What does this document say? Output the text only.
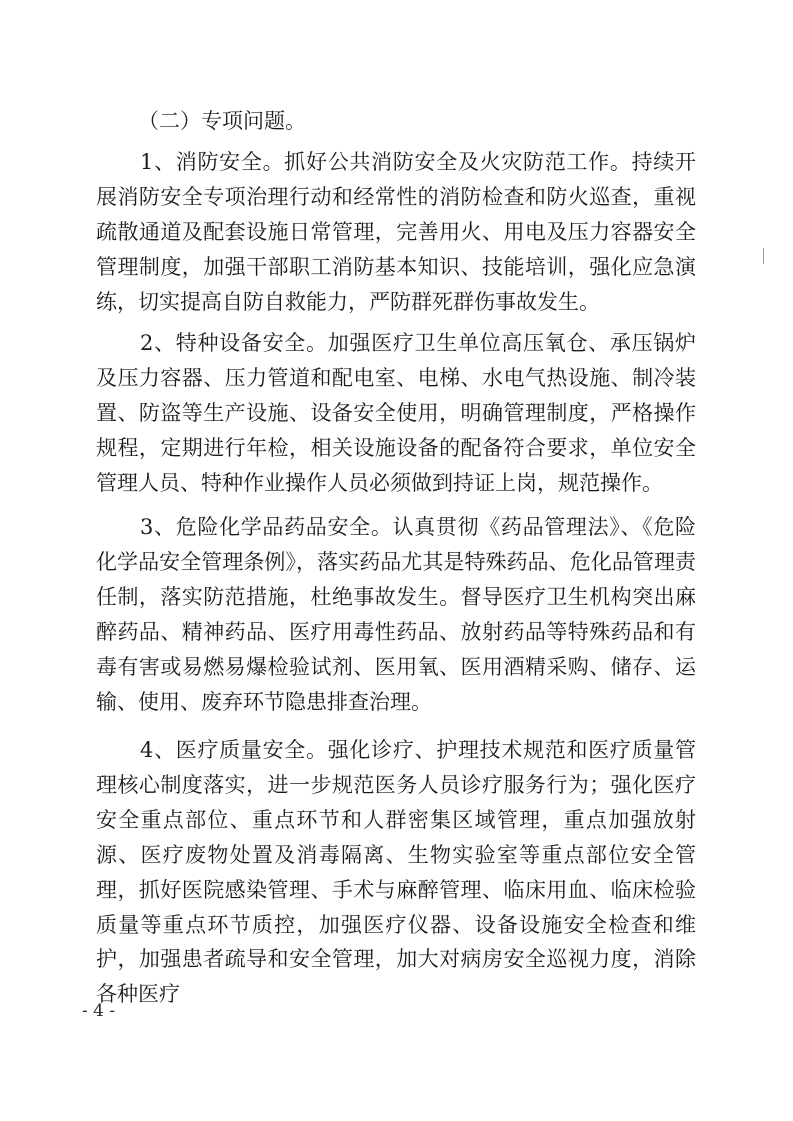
（二）专项问题。

1、消防安全。抓好公共消防安全及火灾防范工作。持续开展消防安全专项治理行动和经常性的消防检查和防火巡查，重视疏散通道及配套设施日常管理，完善用火、用电及压力容器安全管理制度，加强干部职工消防基本知识、技能培训，强化应急演练，切实提高自防自救能力，严防群死群伤事故发生。

2、特种设备安全。加强医疗卫生单位高压氧仓、承压锅炉及压力容器、压力管道和配电室、电梯、水电气热设施、制冷装置、防盗等生产设施、设备安全使用，明确管理制度，严格操作规程，定期进行年检，相关设施设备的配备符合要求，单位安全管理人员、特种作业操作人员必须做到持证上岗，规范操作。

3、危险化学品药品安全。认真贯彻《药品管理法》、《危险化学品安全管理条例》，落实药品尤其是特殊药品、危化品管理责任制，落实防范措施，杜绝事故发生。督导医疗卫生机构突出麻醉药品、精神药品、医疗用毒性药品、放射药品等特殊药品和有毒有害或易燃易爆检验试剂、医用氧、医用酒精采购、储存、运输、使用、废弃环节隐患排查治理。

4、医疗质量安全。强化诊疗、护理技术规范和医疗质量管理核心制度落实，进一步规范医务人员诊疗服务行为；强化医疗安全重点部位、重点环节和人群密集区域管理，重点加强放射源、医疗废物处置及消毒隔离、生物实验室等重点部位安全管理，抓好医院感染管理、手术与麻醉管理、临床用血、临床检验质量等重点环节质控，加强医疗仪器、设备设施安全检查和维护，加强患者疏导和安全管理，加大对病房安全巡视力度，消除各种医疗

- 4 -
